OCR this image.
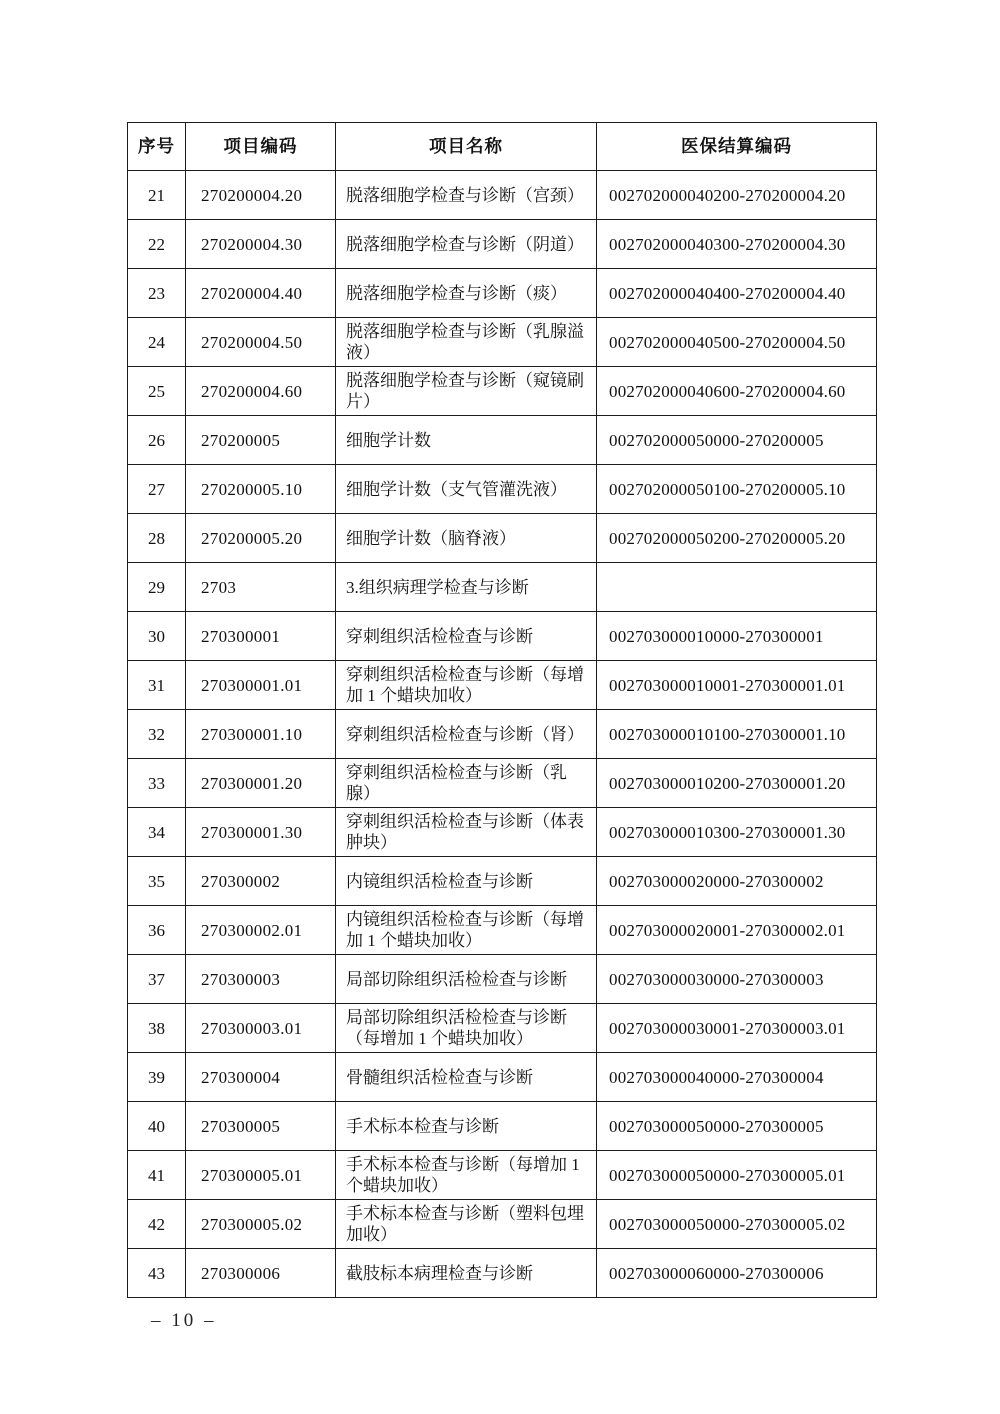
序号	项目编码	项目名称	医保结算编码
21	270200004.20	脱落细胞学检查与诊断（宫颈）	002702000040200-270200004.20
22	270200004.30	脱落细胞学检查与诊断（阴道）	002702000040300-270200004.30
23	270200004.40	脱落细胞学检查与诊断（痰）	002702000040400-270200004.40
24	270200004.50	脱落细胞学检查与诊断（乳腺溢液）	002702000040500-270200004.50
25	270200004.60	脱落细胞学检查与诊断（窥镜刷片）	002702000040600-270200004.60
26	270200005	细胞学计数	002702000050000-270200005
27	270200005.10	细胞学计数（支气管灌洗液）	002702000050100-270200005.10
28	270200005.20	细胞学计数（脑脊液）	002702000050200-270200005.20
29	2703	3.组织病理学检查与诊断	
30	270300001	穿刺组织活检检查与诊断	002703000010000-270300001
31	270300001.01	穿刺组织活检检查与诊断（每增加 1 个蜡块加收）	002703000010001-270300001.01
32	270300001.10	穿刺组织活检检查与诊断（肾）	002703000010100-270300001.10
33	270300001.20	穿刺组织活检检查与诊断（乳腺）	002703000010200-270300001.20
34	270300001.30	穿刺组织活检检查与诊断（体表肿块）	002703000010300-270300001.30
35	270300002	内镜组织活检检查与诊断	002703000020000-270300002
36	270300002.01	内镜组织活检检查与诊断（每增加 1 个蜡块加收）	002703000020001-270300002.01
37	270300003	局部切除组织活检检查与诊断	002703000030000-270300003
38	270300003.01	局部切除组织活检检查与诊断（每增加 1 个蜡块加收）	002703000030001-270300003.01
39	270300004	骨髓组织活检检查与诊断	002703000040000-270300004
40	270300005	手术标本检查与诊断	002703000050000-270300005
41	270300005.01	手术标本检查与诊断（每增加 1 个蜡块加收）	002703000050000-270300005.01
42	270300005.02	手术标本检查与诊断（塑料包埋加收）	002703000050000-270300005.02
43	270300006	截肢标本病理检查与诊断	002703000060000-270300006
– 10 –
